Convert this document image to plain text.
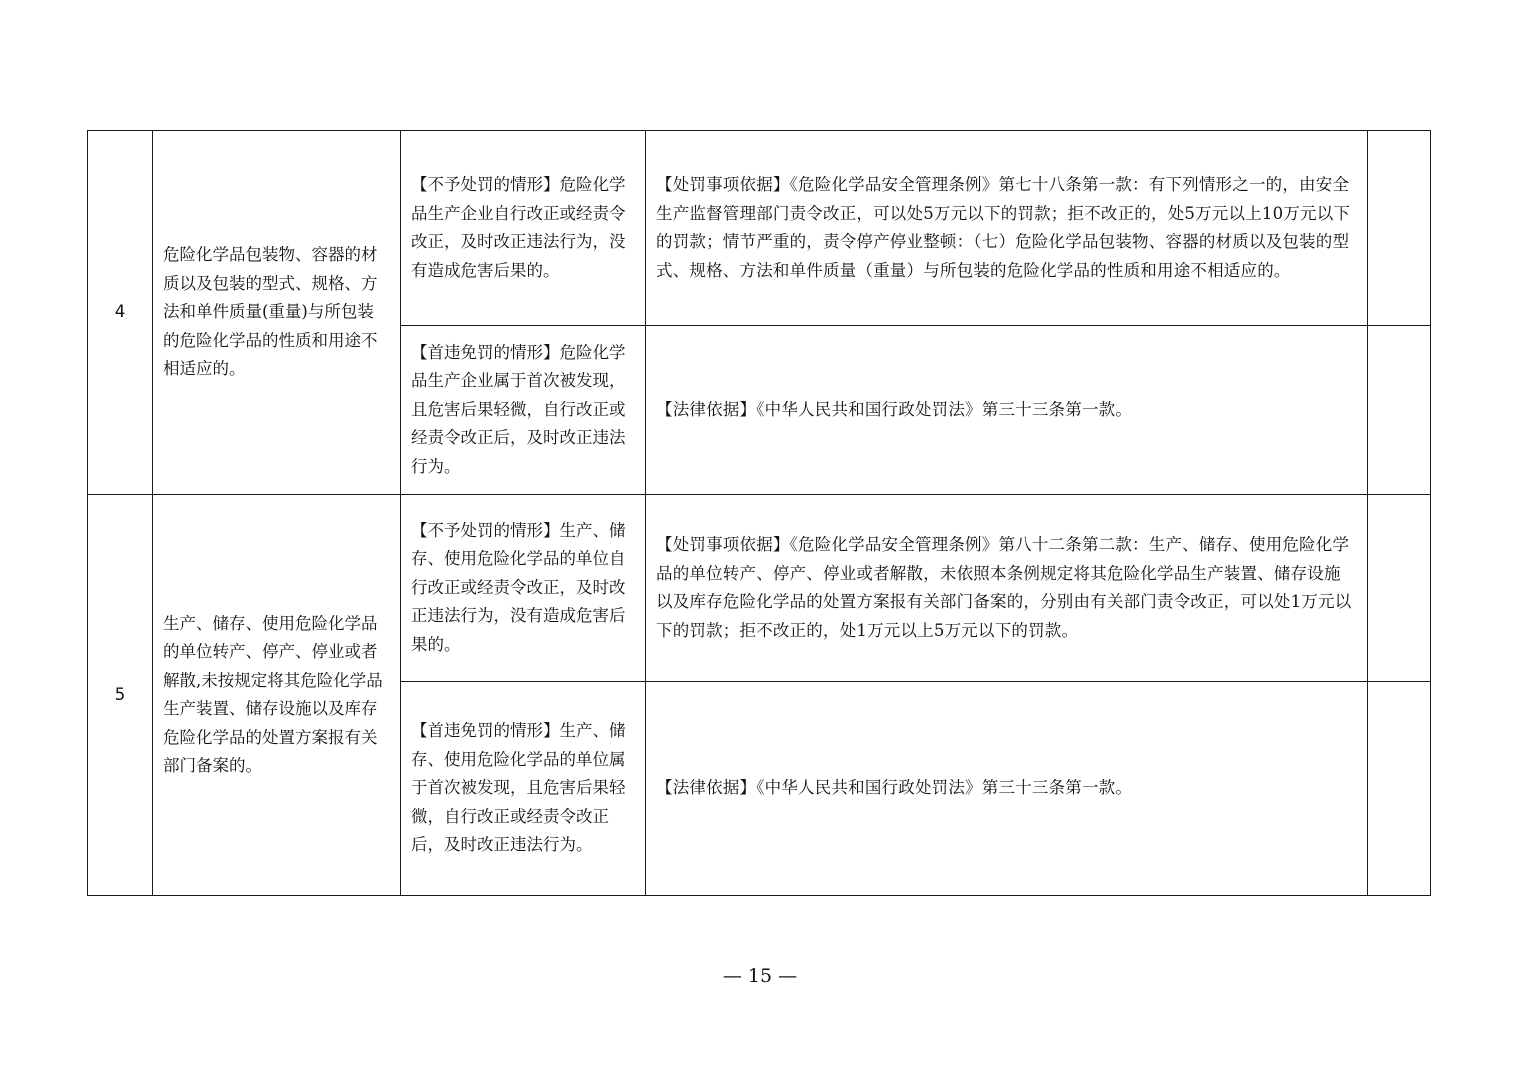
4	危险化学品包装物、容器的材质以及包装的型式、规格、方法和单件质量(重量)与所包装的危险化学品的性质和用途不相适应的。	【不予处罚的情形】危险化学品生产企业自行改正或经责令改正，及时改正违法行为，没有造成危害后果的。	【处罚事项依据】《危险化学品安全管理条例》第七十八条第一款：有下列情形之一的，由安全生产监督管理部门责令改正，可以处5万元以下的罚款；拒不改正的，处5万元以上10万元以下的罚款；情节严重的，责令停产停业整顿：（七）危险化学品包装物、容器的材质以及包装的型式、规格、方法和单件质量（重量）与所包装的危险化学品的性质和用途不相适应的。	
		【首违免罚的情形】危险化学品生产企业属于首次被发现，且危害后果轻微，自行改正或经责令改正后，及时改正违法行为。	【法律依据】《中华人民共和国行政处罚法》第三十三条第一款。	
5	生产、储存、使用危险化学品的单位转产、停产、停业或者解散,未按规定将其危险化学品生产装置、储存设施以及库存危险化学品的处置方案报有关部门备案的。	【不予处罚的情形】生产、储存、使用危险化学品的单位自行改正或经责令改正，及时改正违法行为，没有造成危害后果的。	【处罚事项依据】《危险化学品安全管理条例》第八十二条第二款：生产、储存、使用危险化学品的单位转产、停产、停业或者解散，未依照本条例规定将其危险化学品生产装置、储存设施以及库存危险化学品的处置方案报有关部门备案的，分别由有关部门责令改正，可以处1万元以下的罚款；拒不改正的，处1万元以上5万元以下的罚款。	
		【首违免罚的情形】生产、储存、使用危险化学品的单位属于首次被发现，且危害后果轻微，自行改正或经责令改正后，及时改正违法行为。	【法律依据】《中华人民共和国行政处罚法》第三十三条第一款。	
— 15 —
